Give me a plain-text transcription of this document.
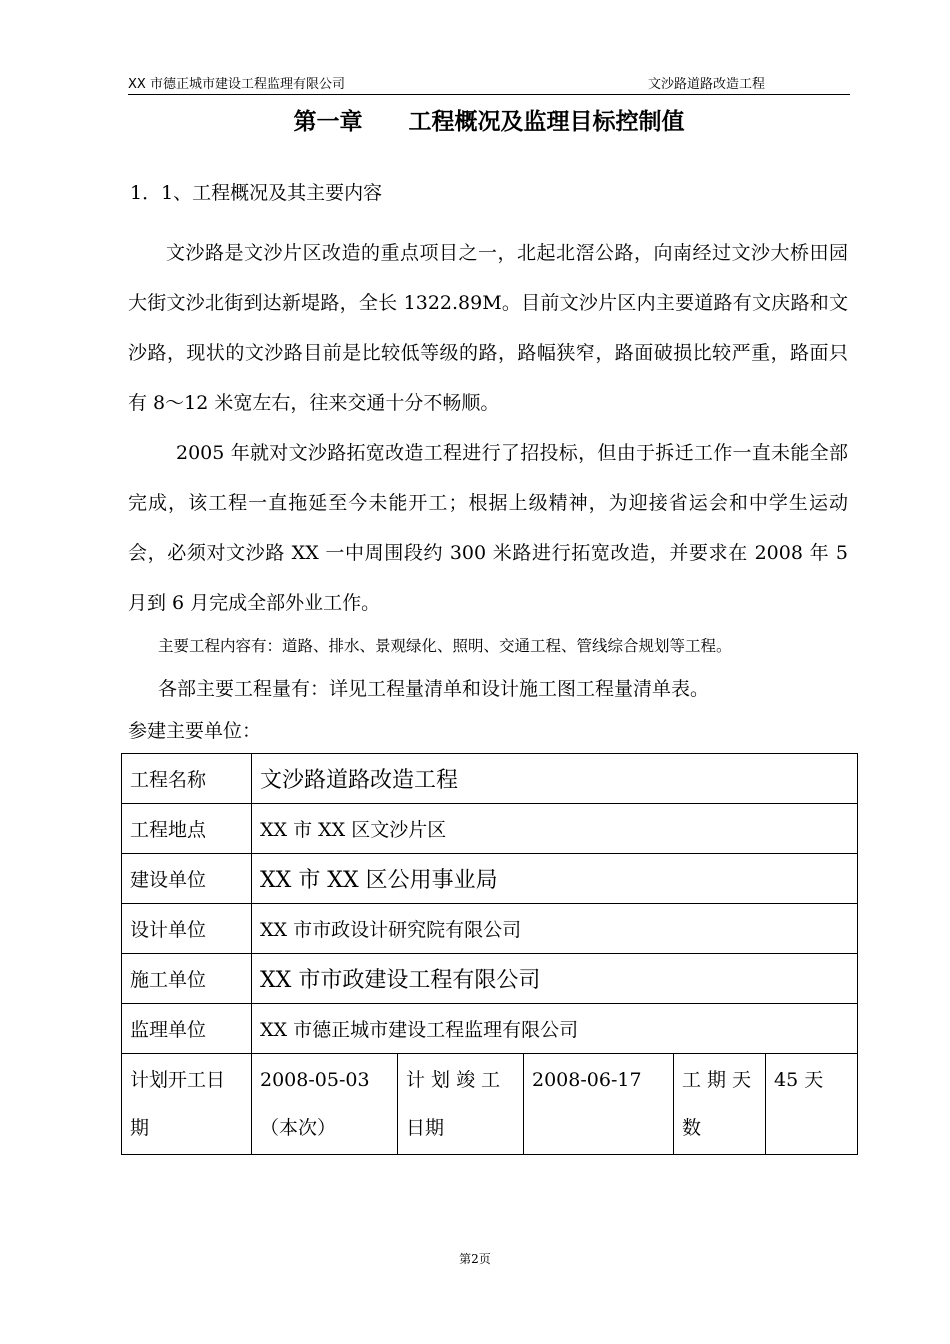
XX 市德正城市建设工程监理有限公司	文沙路道路改造工程
第一章　　工程概况及监理目标控制值
1．1、工程概况及其主要内容

文沙路是文沙片区改造的重点项目之一，北起北滘公路，向南经过文沙大桥田园大街文沙北街到达新堤路，全长 1322.89M。目前文沙片区内主要道路有文庆路和文沙路，现状的文沙路目前是比较低等级的路，路幅狭窄，路面破损比较严重，路面只有 8～12 米宽左右，往来交通十分不畅顺。

2005 年就对文沙路拓宽改造工程进行了招投标，但由于拆迁工作一直未能全部完成，该工程一直拖延至今未能开工；根据上级精神，为迎接省运会和中学生运动会，必须对文沙路 XX 一中周围段约 300 米路进行拓宽改造，并要求在 2008 年 5 月到 6 月完成全部外业工作。

主要工程内容有：道路、排水、景观绿化、照明、交通工程、管线综合规划等工程。
各部主要工程量有：详见工程量清单和设计施工图工程量清单表。
参建主要单位：
工程名称	文沙路道路改造工程				
工程地点	XX 市 XX 区文沙片区				
建设单位	XX 市 XX 区公用事业局				
设计单位	XX 市市政设计研究院有限公司				
施工单位	XX 市市政建设工程有限公司				
监理单位	XX 市德正城市建设工程监理有限公司				
计划开工日期	2008-05-03（本次）	计 划 竣 工日期	2008-06-17	工 期 天数	45 天
第2页
